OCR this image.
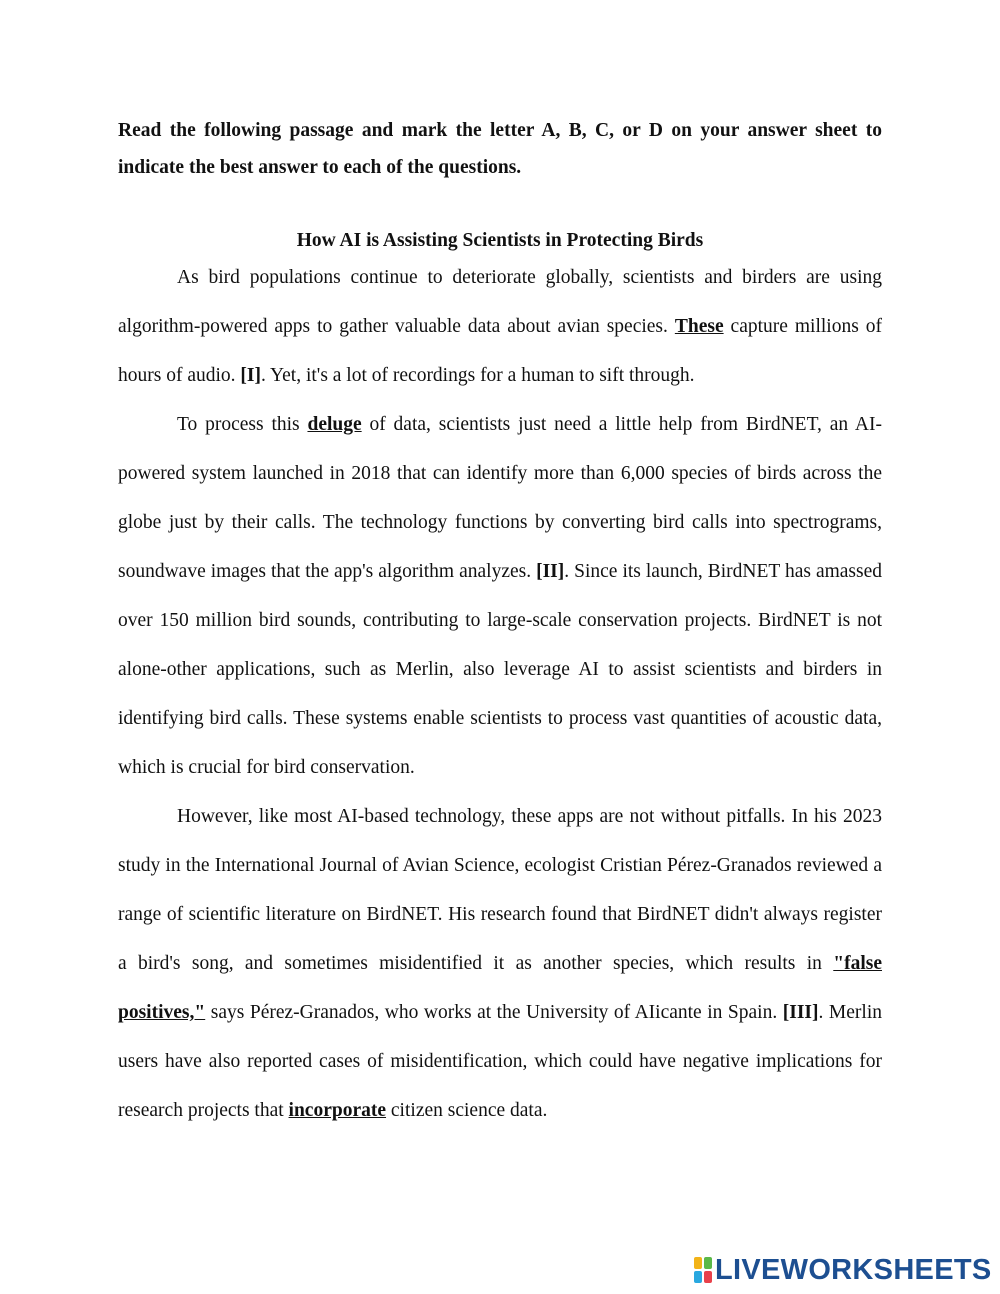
Read the following passage and mark the letter A, B, C, or D on your answer sheet to indicate the best answer to each of the questions.
How AI is Assisting Scientists in Protecting Birds

As bird populations continue to deteriorate globally, scientists and birders are using algorithm-powered apps to gather valuable data about avian species. These capture millions of hours of audio. [I]. Yet, it's a lot of recordings for a human to sift through.

To process this deluge of data, scientists just need a little help from BirdNET, an AI-powered system launched in 2018 that can identify more than 6,000 species of birds across the globe just by their calls. The technology functions by converting bird calls into spectrograms, soundwave images that the app's algorithm analyzes. [II]. Since its launch, BirdNET has amassed over 150 million bird sounds, contributing to large-scale conservation projects. BirdNET is not alone-other applications, such as Merlin, also leverage AI to assist scientists and birders in identifying bird calls. These systems enable scientists to process vast quantities of acoustic data, which is crucial for bird conservation.

However, like most AI-based technology, these apps are not without pitfalls. In his 2023 study in the International Journal of Avian Science, ecologist Cristian Pérez-Granados reviewed a range of scientific literature on BirdNET. His research found that BirdNET didn't always register a bird's song, and sometimes misidentified it as another species, which results in "false positives," says Pérez-Granados, who works at the University of AIicante in Spain. [III]. Merlin users have also reported cases of misidentification, which could have negative implications for research projects that incorporate citizen science data.

LIVEWORKSHEETS
